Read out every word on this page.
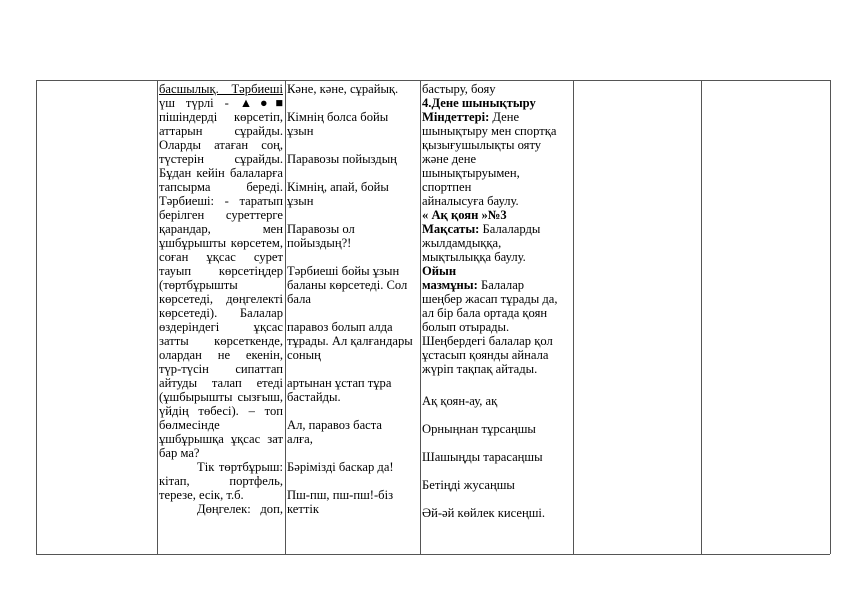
басшылық. Тәрбиеші

үш түрлі - ▲●■

пішіндерді көрсетіп,

аттарын сұрайды.

Оларды атаған соң,

түстерін сұрайды.

Бұдан кейін балаларға

тапсырма береді.

Тәрбиеші: - таратып

берілген суреттерге

қарандар, мен

ұшбұрышты көрсетем,

соған ұқсас сурет

тауып көрсетіңдер

(төртбұрышты

көрсетеді, дөңгелекті

көрсетеді). Балалар

өздеріндегі ұқсас

затты көрсеткенде,

олардан не екенін,

түр-түсін сипаттап

айтуды талап етеді

(ұшбырышты сызғыш,

үйдің төбесі). – топ

бөлмесінде

ұшбұрышқа ұқсас зат

бар ма?

Тік төртбұрыш:

кітап, портфель,

терезе, есік, т.б.

Дөңгелек: доп,

Кәне, кәне, сұрайық.

Кімнің болса бойы

ұзын

Паравозы пойыздың

Кімнің, апай, бойы

ұзын

Паравозы ол

пойыздың?!

Тәрбиеші бойы ұзын

баланы көрсетеді. Сол

бала

паравоз болып алда

тұрады. Ал қалғандары

соның

артынан ұстап тұра

бастайды.

Ал, паравоз баста

алға,

Бәрімізді баскар да!

Пш-пш, пш-пш!-біз

кеттік

бастыру, бояу

4.Дене шынықтыру

Міндеттері: Дене

шынықтыру мен спортқа

қызығушылықты ояту

және дене

шынықтыруымен, спортпен

айналысуға баулу.

« Ақ қоян »№3

Мақсаты: Балаларды

жылдамдыққа,

мықтылыққа баулу.

Ойын

мазмұны: Балалар

шеңбер жасап тұрады да,

ал бір бала ортада қоян

болып отырады.

Шеңбердегі балалар қол

ұстасып қоянды айнала

жүріп тақпақ айтады.

Ақ қоян-ау, ақ

Орныңнан тұрсаңшы

Шашыңды тарасаңшы

Бетіңді жусаңшы

Әй-әй көйлек кисеңші.
